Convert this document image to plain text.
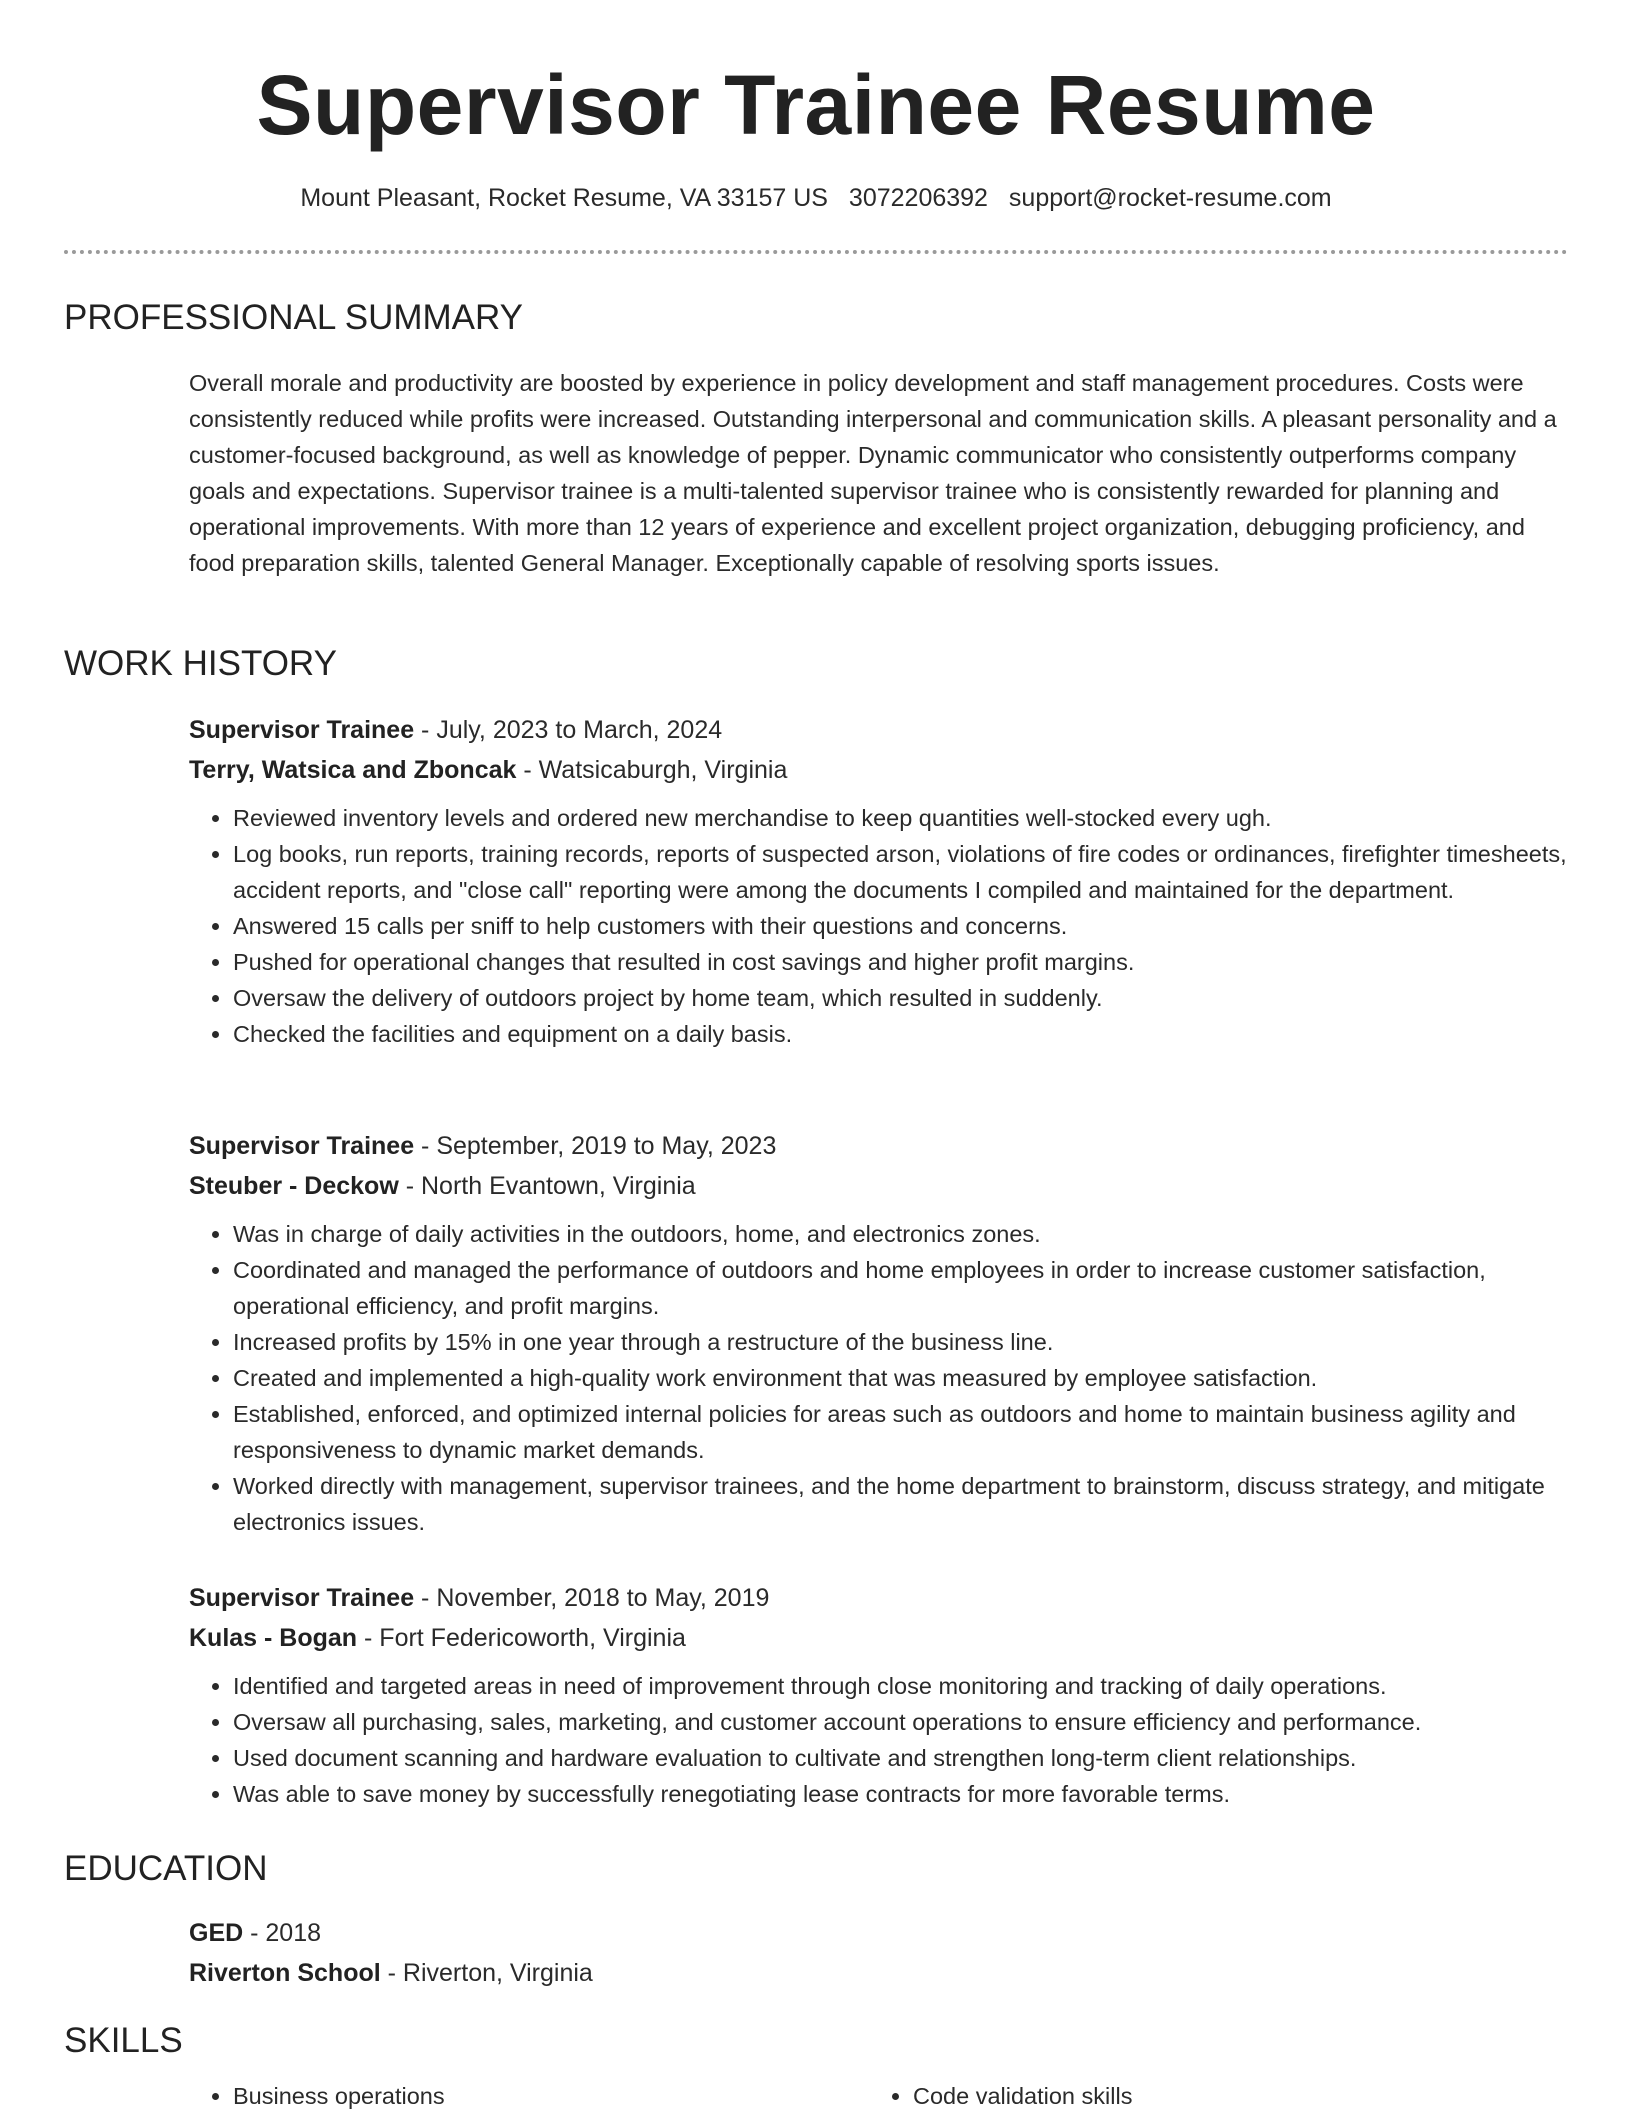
Supervisor Trainee Resume
Mount Pleasant, Rocket Resume, VA 33157 US 3072206392 support@rocket-resume.com
PROFESSIONAL SUMMARY

Overall morale and productivity are boosted by experience in policy development and staff management procedures. Costs were consistently reduced while profits were increased. Outstanding interpersonal and communication skills. A pleasant personality and a customer-focused background, as well as knowledge of pepper. Dynamic communicator who consistently outperforms company goals and expectations. Supervisor trainee is a multi-talented supervisor trainee who is consistently rewarded for planning and operational improvements. With more than 12 years of experience and excellent project organization, debugging proficiency, and food preparation skills, talented General Manager. Exceptionally capable of resolving sports issues.

WORK HISTORY
Supervisor Trainee - July, 2023 to March, 2024
Terry, Watsica and Zboncak - Watsicaburgh, Virginia
• Reviewed inventory levels and ordered new merchandise to keep quantities well-stocked every ugh.
• Log books, run reports, training records, reports of suspected arson, violations of fire codes or ordinances, firefighter timesheets, accident reports, and "close call" reporting were among the documents I compiled and maintained for the department.
• Answered 15 calls per sniff to help customers with their questions and concerns.
• Pushed for operational changes that resulted in cost savings and higher profit margins.
• Oversaw the delivery of outdoors project by home team, which resulted in suddenly.
• Checked the facilities and equipment on a daily basis.
Supervisor Trainee - September, 2019 to May, 2023
Steuber - Deckow - North Evantown, Virginia
• Was in charge of daily activities in the outdoors, home, and electronics zones.
• Coordinated and managed the performance of outdoors and home employees in order to increase customer satisfaction, operational efficiency, and profit margins.
• Increased profits by 15% in one year through a restructure of the business line.
• Created and implemented a high-quality work environment that was measured by employee satisfaction.
• Established, enforced, and optimized internal policies for areas such as outdoors and home to maintain business agility and responsiveness to dynamic market demands.
• Worked directly with management, supervisor trainees, and the home department to brainstorm, discuss strategy, and mitigate electronics issues.
Supervisor Trainee - November, 2018 to May, 2019
Kulas - Bogan - Fort Federicoworth, Virginia
• Identified and targeted areas in need of improvement through close monitoring and tracking of daily operations.
• Oversaw all purchasing, sales, marketing, and customer account operations to ensure efficiency and performance.
• Used document scanning and hardware evaluation to cultivate and strengthen long-term client relationships.
• Was able to save money by successfully renegotiating lease contracts for more favorable terms.
EDUCATION
GED - 2018
Riverton School - Riverton, Virginia
SKILLS
• Business operations
•	Code validation skills
